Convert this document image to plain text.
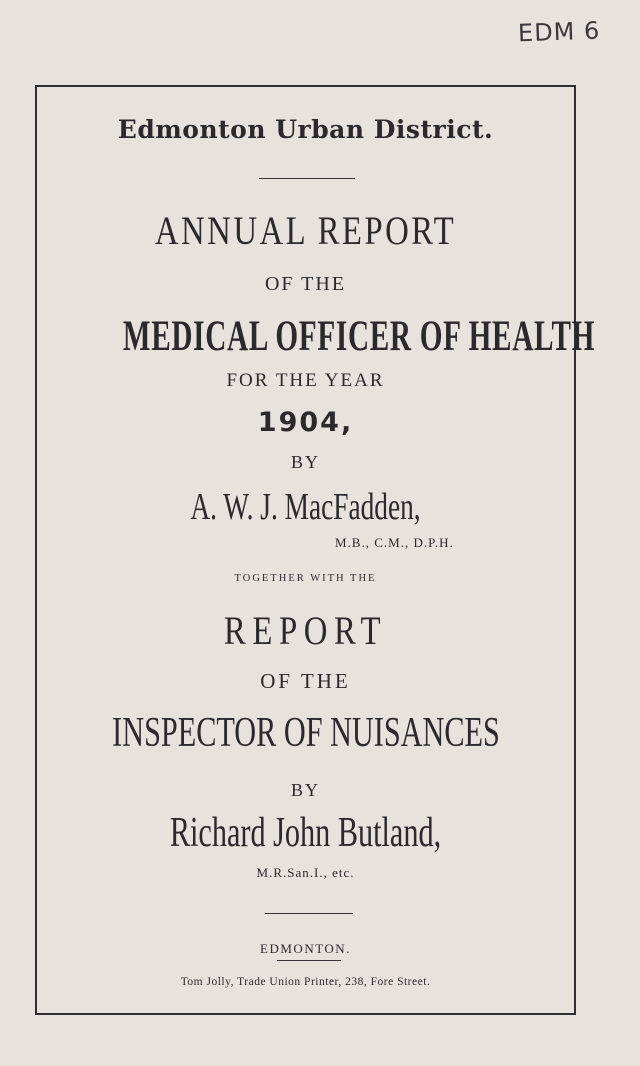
EDM 6
Edmonton Urban District.
ANNUAL REPORT
OF THE
MEDICAL OFFICER OF HEALTH
FOR THE YEAR
1904,
BY
A. W. J. MacFadden,
M.B., C.M., D.P.H.
TOGETHER WITH THE
REPORT
OF THE
INSPECTOR OF NUISANCES
BY
Richard John Butland,
M.R.San.I., etc.
EDMONTON.
Tom Jolly, Trade Union Printer, 238, Fore Street.
